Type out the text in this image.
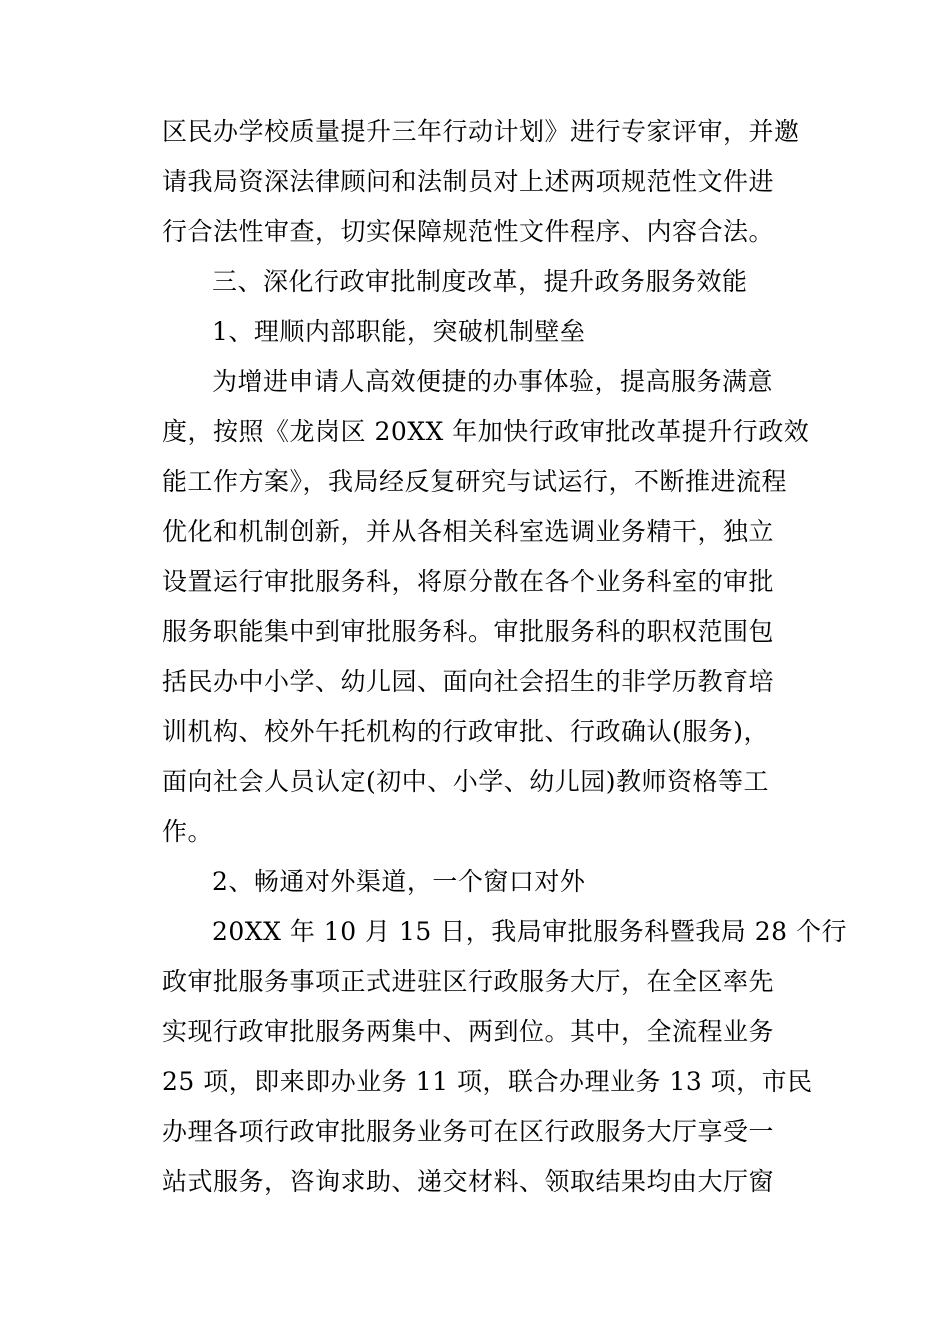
区民办学校质量提升三年行动计划》进行专家评审，并邀
请我局资深法律顾问和法制员对上述两项规范性文件进
行合法性审查，切实保障规范性文件程序、内容合法。
三、深化行政审批制度改革，提升政务服务效能
1、理顺内部职能，突破机制壁垒
为增进申请人高效便捷的办事体验，提高服务满意
度，按照《龙岗区 20XX 年加快行政审批改革提升行政效
能工作方案》，我局经反复研究与试运行，不断推进流程
优化和机制创新，并从各相关科室选调业务精干，独立
设置运行审批服务科，将原分散在各个业务科室的审批
服务职能集中到审批服务科。审批服务科的职权范围包
括民办中小学、幼儿园、面向社会招生的非学历教育培
训机构、校外午托机构的行政审批、行政确认(服务)，
面向社会人员认定(初中、小学、幼儿园)教师资格等工
作。
2、畅通对外渠道，一个窗口对外
20XX 年 10 月 15 日，我局审批服务科暨我局 28 个行
政审批服务事项正式进驻区行政服务大厅，在全区率先
实现行政审批服务两集中、两到位。其中，全流程业务
25 项，即来即办业务 11 项，联合办理业务 13 项，市民
办理各项行政审批服务业务可在区行政服务大厅享受一
站式服务，咨询求助、递交材料、领取结果均由大厅窗
